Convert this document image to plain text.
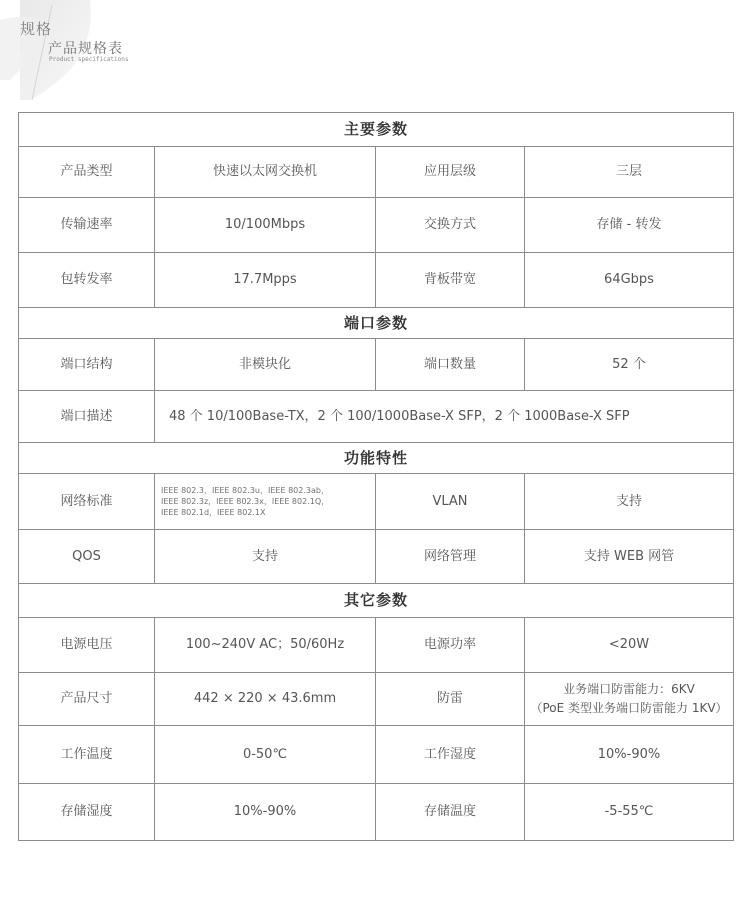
规格
产品规格表
Product specifications
主要参数			
产品类型	快速以太网交换机	应用层级	三层
传输速率	10/100Mbps	交换方式	存储 - 转发
包转发率	17.7Mpps	背板带宽	64Gbps
端口参数			
端口结构	非模块化	端口数量	52 个
端口描述	48 个 10/100Base-TX，2 个 100/1000Base-X SFP，2 个 1000Base-X SFP		
功能特性			
网络标准	IEEE 802.3，IEEE 802.3u，IEEE 802.3ab，
IEEE 802.3z，IEEE 802.3x，IEEE 802.1Q，
IEEE 802.1d，IEEE 802.1X	VLAN	支持
QOS	支持	网络管理	支持 WEB 网管
其它参数			
电源电压	100~240V AC；50/60Hz	电源功率	<20W
产品尺寸	442 × 220 × 43.6mm	防雷	业务端口防雷能力：6KV
（PoE 类型业务端口防雷能力 1KV）

工作温度	0-50℃	工作湿度	10%-90%
存储湿度	10%-90%	存储温度	-5-55℃
